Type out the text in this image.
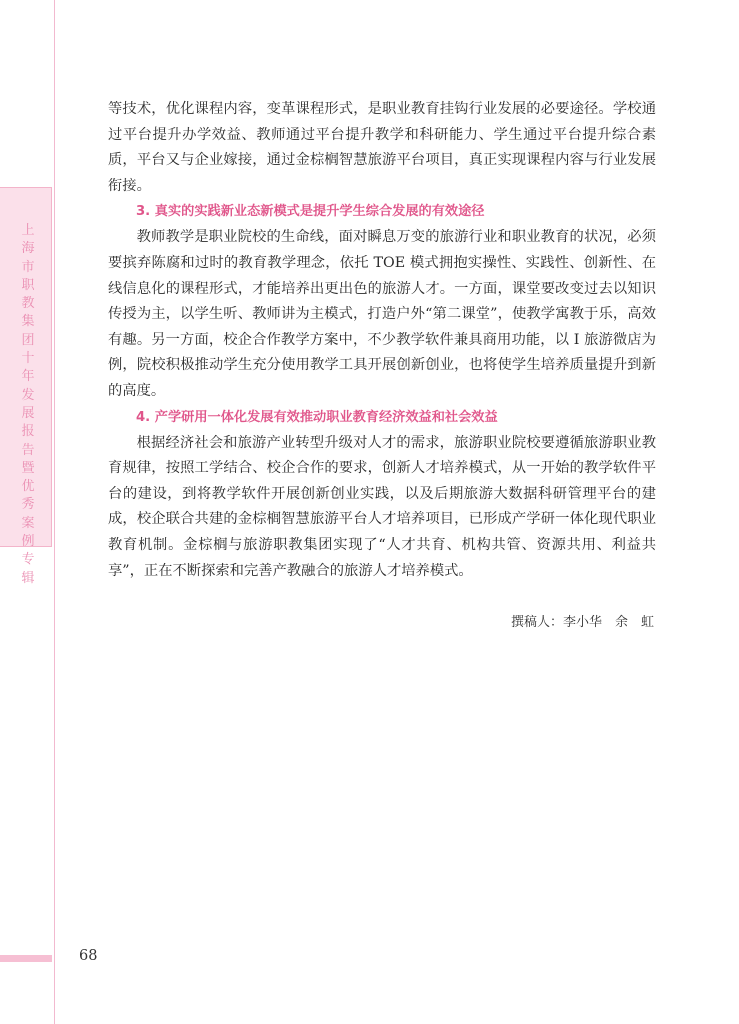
上
海
市
职
教
集
团
十
年
发
展
报
告
暨
优
秀
案
例
专
辑

等技术，优化课程内容，变革课程形式，是职业教育挂钩行业发展的必要途径。学校通过平台提升办学效益、教师通过平台提升教学和科研能力、学生通过平台提升综合素质，平台又与企业嫁接，通过金棕榈智慧旅游平台项目，真正实现课程内容与行业发展衔接。

3. 真实的实践新业态新模式是提升学生综合发展的有效途径

教师教学是职业院校的生命线，面对瞬息万变的旅游行业和职业教育的状况，必须要摈弃陈腐和过时的教育教学理念，依托 TOE 模式拥抱实操性、实践性、创新性、在线信息化的课程形式，才能培养出更出色的旅游人才。一方面，课堂要改变过去以知识传授为主，以学生听、教师讲为主模式，打造户外“第二课堂”，使教学寓教于乐，高效有趣。另一方面，校企合作教学方案中，不少教学软件兼具商用功能，以 I 旅游微店为例，院校积极推动学生充分使用教学工具开展创新创业，也将使学生培养质量提升到新的高度。

4. 产学研用一体化发展有效推动职业教育经济效益和社会效益

根据经济社会和旅游产业转型升级对人才的需求，旅游职业院校要遵循旅游职业教育规律，按照工学结合、校企合作的要求，创新人才培养模式，从一开始的教学软件平台的建设，到将教学软件开展创新创业实践，以及后期旅游大数据科研管理平台的建成，校企联合共建的金棕榈智慧旅游平台人才培养项目，已形成产学研一体化现代职业教育机制。金棕榈与旅游职教集团实现了“人才共育、机构共管、资源共用、利益共享”，正在不断探索和完善产教融合的旅游人才培养模式。

撰稿人：李小华　余　虹
68
